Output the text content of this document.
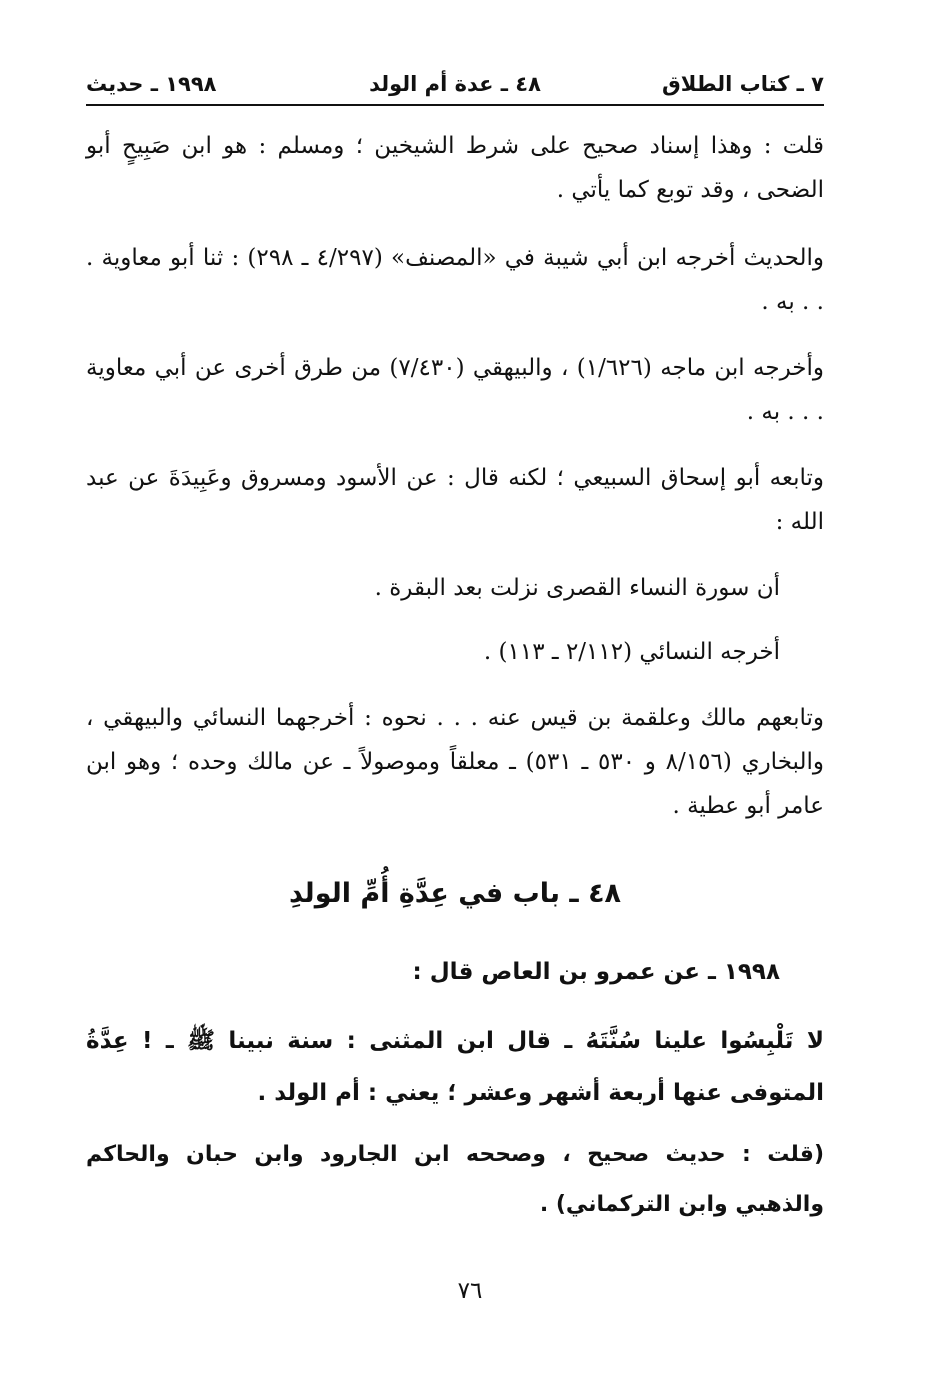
٧ ـ كتاب الطلاق
٤٨ ـ عدة أم الولد
١٩٩٨ ـ حديث
قلت : وهذا إسناد صحيح على شرط الشيخين ؛ ومسلم : هو ابن صَبِيحٍ أبو الضحى ، وقد توبع كما يأتي .
والحديث أخرجه ابن أبي شيبة في «المصنف» (٤/٢٩٧ ـ ٢٩٨) : ثنا أبو معاوية . . . به .
وأخرجه ابن ماجه (١/٦٢٦) ، والبيهقي (٧/٤٣٠) من طرق أخرى عن أبي معاوية . . . به .
وتابعه أبو إسحاق السبيعي ؛ لكنه قال : عن الأسود ومسروق وعَبِيدَةَ عن عبد الله :
أن سورة النساء القصرى نزلت بعد البقرة .
أخرجه النسائي (٢/١١٢ ـ ١١٣) .
وتابعهم مالك وعلقمة بن قيس عنه . . . نحوه : أخرجهما النسائي والبيهقي ، والبخاري (٨/١٥٦ و ٥٣٠ ـ ٥٣١) ـ معلقاً وموصولاً ـ عن مالك وحده ؛ وهو ابن عامر أبو عطية .
٤٨ ـ باب في عِدَّةِ أُمِّ الولدِ
١٩٩٨ ـ عن عمرو بن العاص قال :
لا تَلْبِسُوا علينا سُنَّتَهُ ـ قال ابن المثنى : سنة نبينا ﷺ ـ ! عِدَّةُ المتوفى عنها أربعة أشهر وعشر ؛ يعني : أم الولد .
(قلت : حديث صحيح ، وصححه ابن الجارود وابن حبان والحاكم والذهبي وابن التركماني) .
٧٦
